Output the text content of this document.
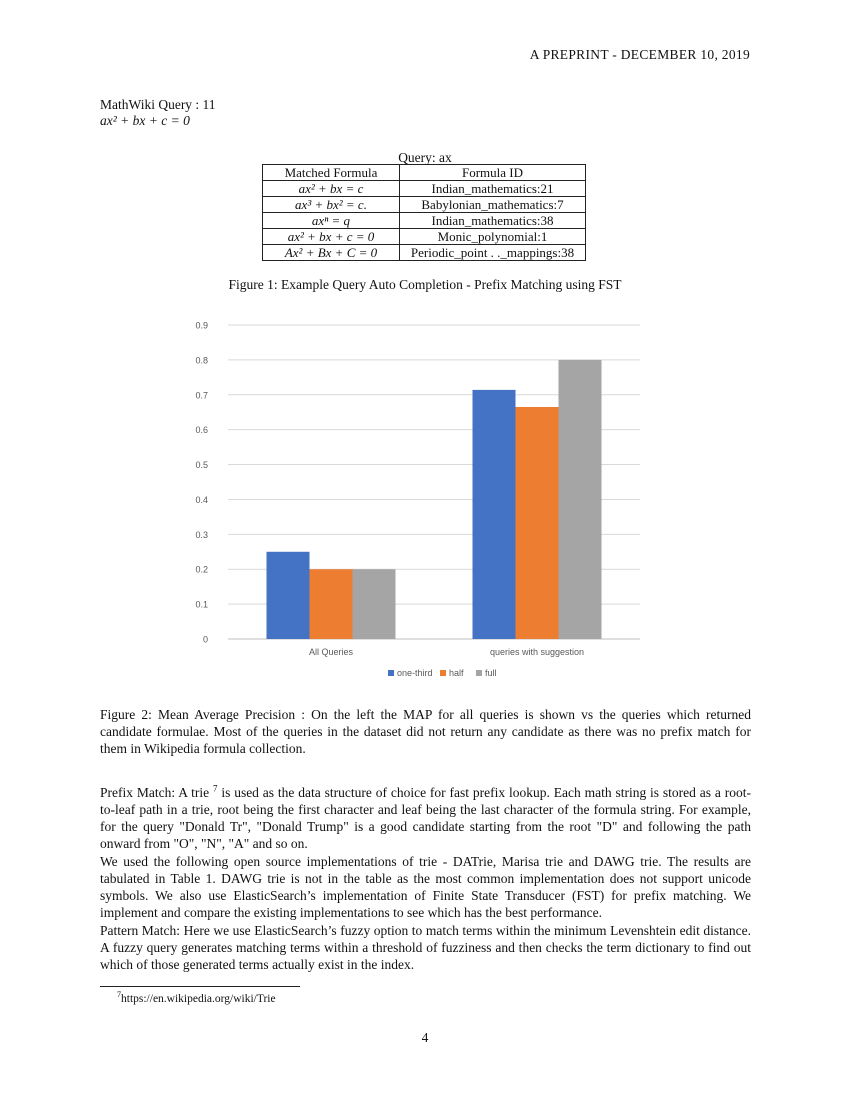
A PREPRINT - DECEMBER 10, 2019
MathWiki Query : 11
ax² + bx + c = 0
Query: ax
Matched Formula	Formula ID
ax² + bx = c	Indian_mathematics:21
ax³ + bx² = c.	Babylonian_mathematics:7
axⁿ = q	Indian_mathematics:38
ax² + bx + c = 0	Monic_polynomial:1
Ax² + Bx + C = 0	Periodic_point . ._mappings:38
Figure 1: Example Query Auto Completion - Prefix Matching using FST
0
0.1
0.2
0.3
0.4
0.5
0.6
0.7
0.8
0.9
All Queries	queries with suggestion
one-third half full
Figure 2: Mean Average Precision : On the left the MAP for all queries is shown vs the queries which returned candidate formulae. Most of the queries in the dataset did not return any candidate as there was no prefix match for them in Wikipedia formula collection.
Prefix Match: A trie $^7$ is used as the data structure of choice for fast prefix lookup. Each math string is stored as a root-to-leaf path in a trie, root being the first character and leaf being the last character of the formula string. For example, for the query "Donald Tr", "Donald Trump" is a good candidate starting from the root "D" and following the path onward from "O", "N", "A" and so on.
We used the following open source implementations of trie - DATrie, Marisa trie and DAWG trie. The results are tabulated in Table 1. DAWG trie is not in the table as the most common implementation does not support unicode symbols. We also use ElasticSearch’s implementation of Finite State Transducer (FST) for prefix matching. We implement and compare the existing implementations to see which has the best performance.
Pattern Match: Here we use ElasticSearch’s fuzzy option to match terms within the minimum Levenshtein edit distance. A fuzzy query generates matching terms within a threshold of fuzziness and then checks the term dictionary to find out which of those generated terms actually exist in the index.
$^7$https://en.wikipedia.org/wiki/Trie
4
